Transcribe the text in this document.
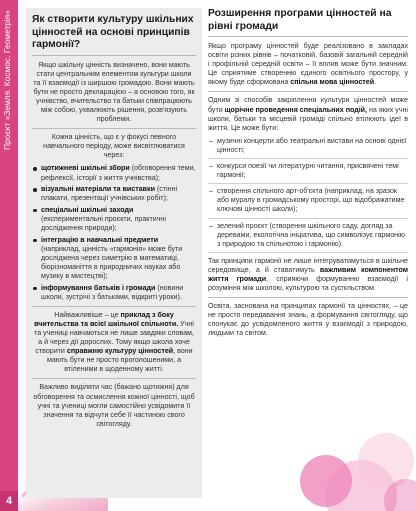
Проєкт «Земля. Космос. Геометрія»
4
Як створити культуру шкільних цінностей на основі принципів гармонії?

Якщо шкільну цінність визначено, вони мають стати центральним елементом культури школи та її взаємодії із ширшою громадою. Вони мають бути не просто декларацією – а основою того, як учнівство, вчительство та батьки співпрацюють між собою, ухвалюють рішення, розв'язують проблеми.

Кожна цінність, що є у фокусі певного навчального періоду, може висвітлюватися через:

щотижневі шкільні збори (обговорення теми, рефлексії, історії з життя учнівства);
візуальні матеріали та виставки (стінні плакати, презентації учнівських робіт);
спеціальні шкільні заходи (експериментальні проєкти, практичні дослідження природи);
інтеграцію в навчальні предмети (наприклад, цінність «гармонія» може бути досліджена через симетрію в математиці, біорізноманіття в природничих науках або музику в мистецтві);
інформування батьків і громади (новини школи, зустрічі з батьками, відкриті уроки).

Найважливіше – це приклад з боку вчительства та всієї шкільної спільноти. Учні та учениці навчаються не лише завдяки словам, а й через дії дорослих. Тому якщо школа хоче створити справжню культуру цінностей, вони мають бути не просто проголошеними, а втіленими в щоденному житті.

Важливо виділяти час (бажано щотижня) для обговорення та осмислення кожної цінності, щоб учні та учениці могли самостійно усвідомити її значення та відчути себе її частиною свого світогляду.

Розширення програми цінностей на рівні громади

Якщо програму цінностей буде реалізовано в закладах освіти різних рівнів – початковій, базовій загальній середній і профільній середній освіти – її вплив може бути значним. Це сприятиме створенню єдиного освітнього простору, у якому буде сформована спільна мова цінностей.

Одним зі способів закріплення культури цінностей може бути щорічне проведення спеціальних подій, на яких учні школи, батьки та місцевій громаді спільно втілюють ідеї в життя. Це може бути:

– музичні концерти або театральні вистави на основі однієї цінності;
– конкурси поезії чи літературні читання, присвячені темі гармонії;
– створення спільного арт-об'єкта (наприклад, на зразок або муралу в громадському просторі, що відображатиме ключові цінності школи);
– зелений проєкт (створення шкільного саду, догляд за деревами, екологічна ініціатива, що символізує гармонію з природою та спільнотою і гармонію).

Так принципи гармонії не лише інтегруватимуться в шкільне середовище, а й ставатимуть важливим компонентом життя громади, сприяючи формуванню взаємодії і розуміння між школою, культурою та суспільством.

Освіта, заснована на принципах гармонії та цінностях, – це не просто передавання знань, а формування світогляду, що спонукає до усвідомленого життя у взаємодії з природою, людьми та світом.
